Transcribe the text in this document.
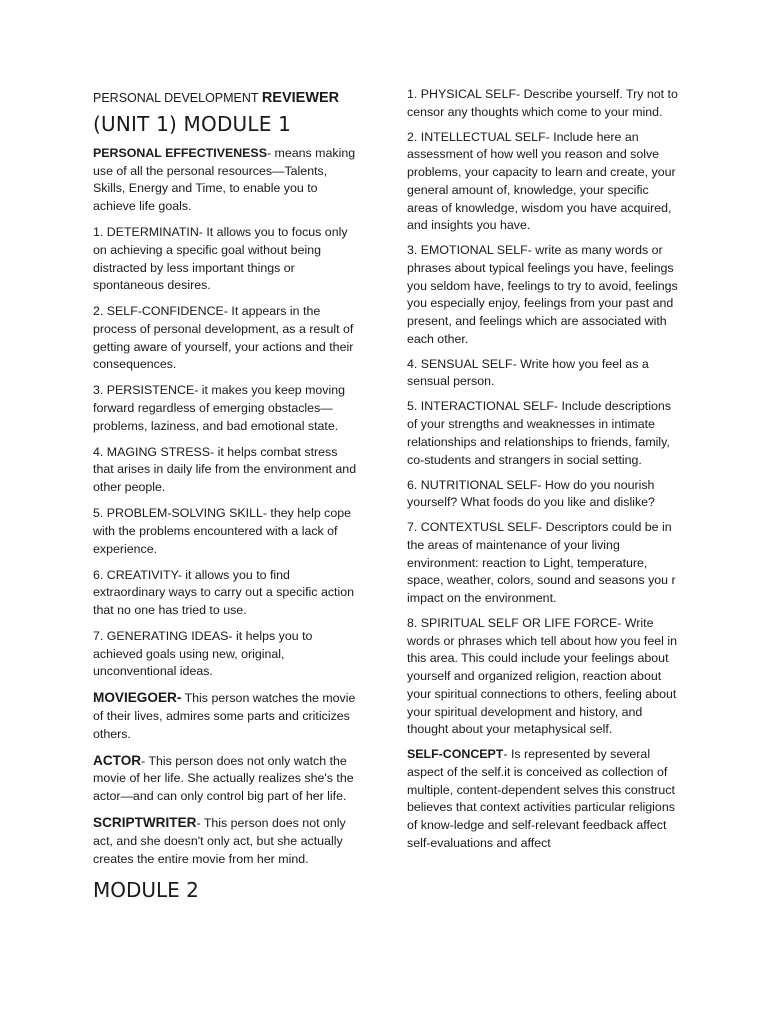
PERSONAL DEVELOPMENT REVIEWER

(UNIT 1) MODULE 1

PERSONAL EFFECTIVENESS- means making use of all the personal resources—Talents, Skills, Energy and Time, to enable you to achieve life goals.

1. DETERMINATIN- It allows you to focus only on achieving a specific goal without being distracted by less important things or spontaneous desires.

2. SELF-CONFIDENCE- It appears in the process of personal development, as a result of getting aware of yourself, your actions and their consequences.

3. PERSISTENCE- it makes you keep moving forward regardless of emerging obstacles—problems, laziness, and bad emotional state.

4. MAGING STRESS- it helps combat stress that arises in daily life from the environment and other people.

5. PROBLEM-SOLVING SKILL- they help cope with the problems encountered with a lack of experience.

6. CREATIVITY- it allows you to find extraordinary ways to carry out a specific action that no one has tried to use.

7. GENERATING IDEAS- it helps you to achieved goals using new, original, unconventional ideas.

MOVIEGOER- This person watches the movie of their lives, admires some parts and criticizes others.

ACTOR- This person does not only watch the movie of her life. She actually realizes she's the actor—and can only control big part of her life.

SCRIPTWRITER- This person does not only act, and she doesn't only act, but she actually creates the entire movie from her mind.

MODULE 2

1. PHYSICAL SELF- Describe yourself. Try not to censor any thoughts which come to your mind.

2. INTELLECTUAL SELF- Include here an assessment of how well you reason and solve problems, your capacity to learn and create, your general amount of, knowledge, your specific areas of knowledge, wisdom you have acquired, and insights you have.

3. EMOTIONAL SELF- write as many words or phrases about typical feelings you have, feelings you seldom have, feelings to try to avoid, feelings you especially enjoy, feelings from your past and present, and feelings which are associated with each other.

4. SENSUAL SELF- Write how you feel as a sensual person.

5. INTERACTIONAL SELF- Include descriptions of your strengths and weaknesses in intimate relationships and relationships to friends, family, co-students and strangers in social setting.

6. NUTRITIONAL SELF- How do you nourish yourself? What foods do you like and dislike?

7. CONTEXTUSL SELF- Descriptors could be in the areas of maintenance of your living environment: reaction to Light, temperature, space, weather, colors, sound and seasons you r impact on the environment.

8. SPIRITUAL SELF OR LIFE FORCE- Write words or phrases which tell about how you feel in this area. This could include your feelings about yourself and organized religion, reaction about your spiritual connections to others, feeling about your spiritual development and history, and thought about your metaphysical self.

SELF-CONCEPT- Is represented by several aspect of the self.it is conceived as collection of multiple, content-dependent selves this construct believes that context activities particular religions of know-ledge and self-relevant feedback affect self-evaluations and affect
